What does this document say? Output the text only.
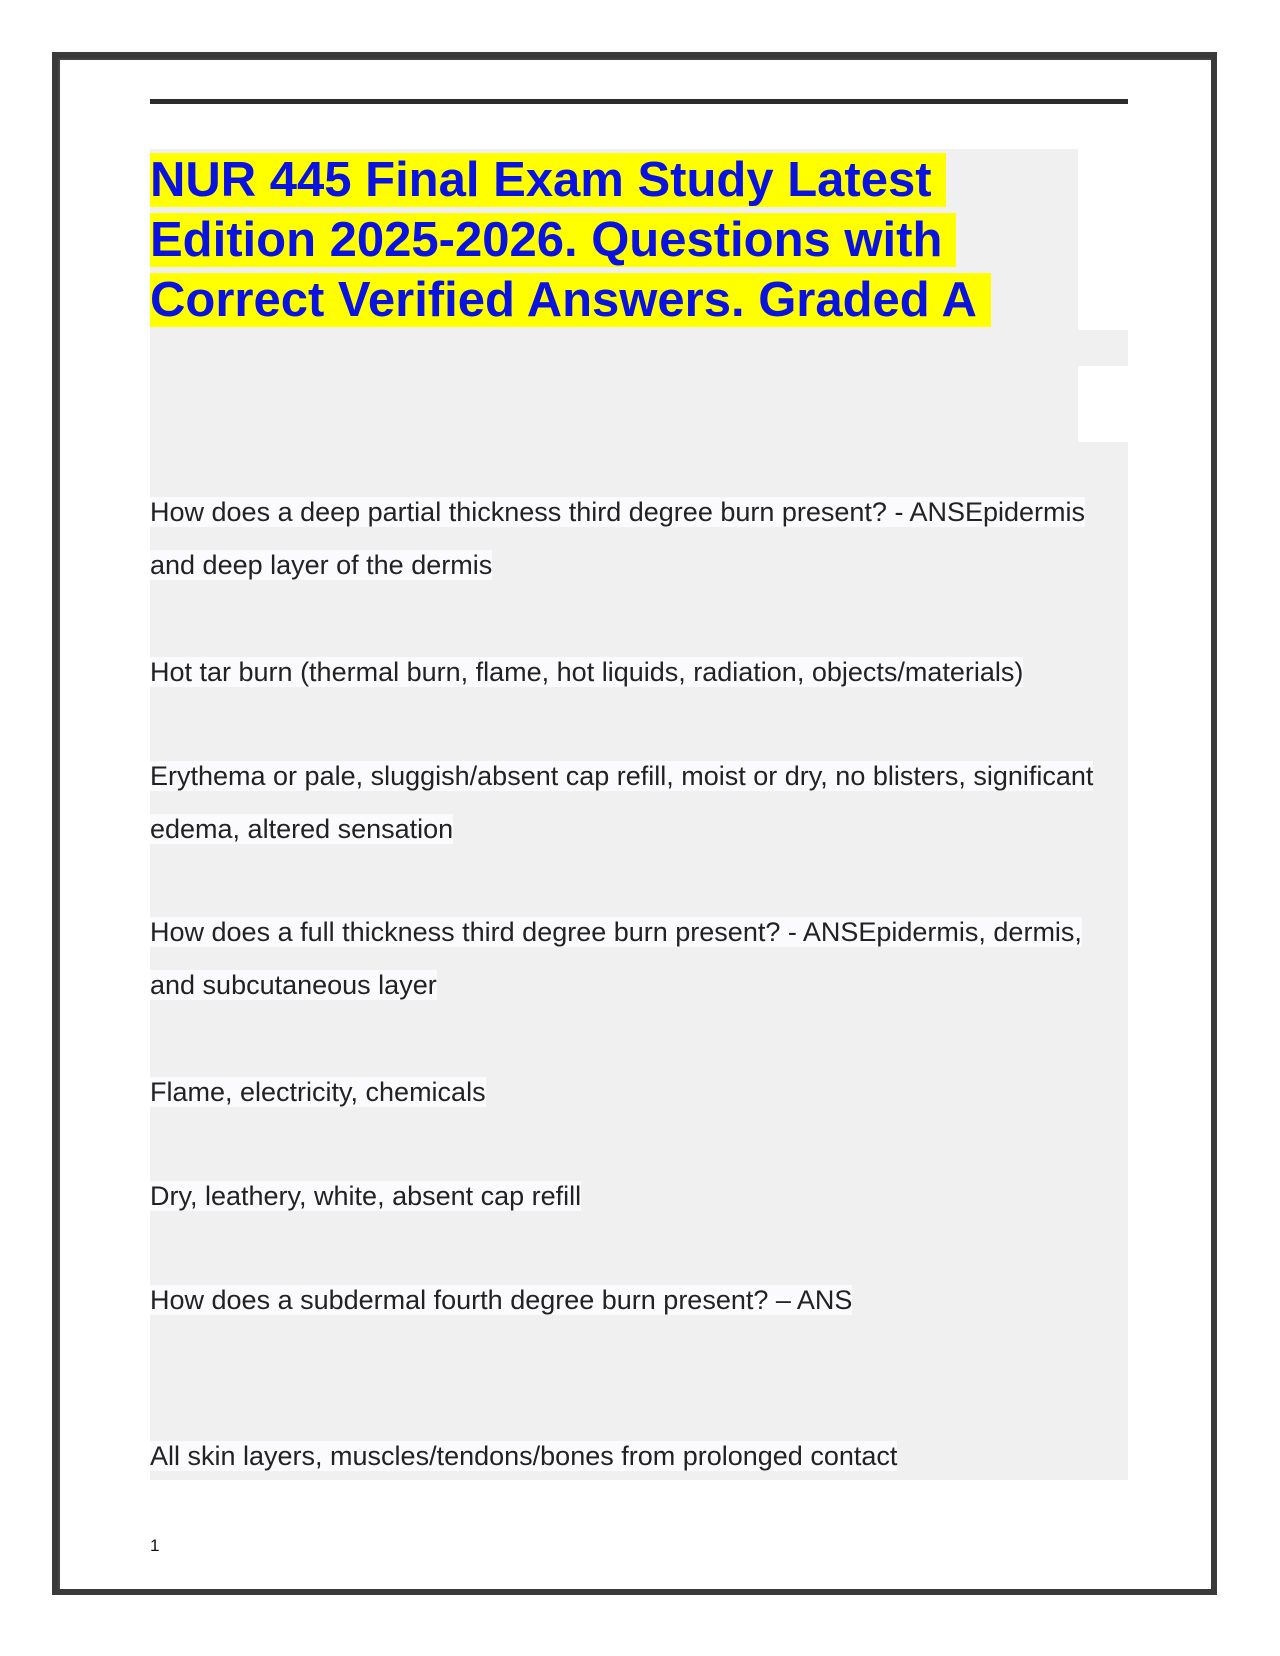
NUR 445 Final Exam Study Latest Edition 2025-2026. Questions with Correct Verified Answers. Graded A

How does a deep partial thickness third degree burn present? - ANSEpidermis and deep layer of the dermis

Hot tar burn (thermal burn, flame, hot liquids, radiation, objects/materials)

Erythema or pale, sluggish/absent cap refill, moist or dry, no blisters, significant edema, altered sensation

How does a full thickness third degree burn present? - ANSEpidermis, dermis, and subcutaneous layer

Flame, electricity, chemicals

Dry, leathery, white, absent cap refill

How does a subdermal fourth degree burn present? – ANS

All skin layers, muscles/tendons/bones from prolonged contact

1
